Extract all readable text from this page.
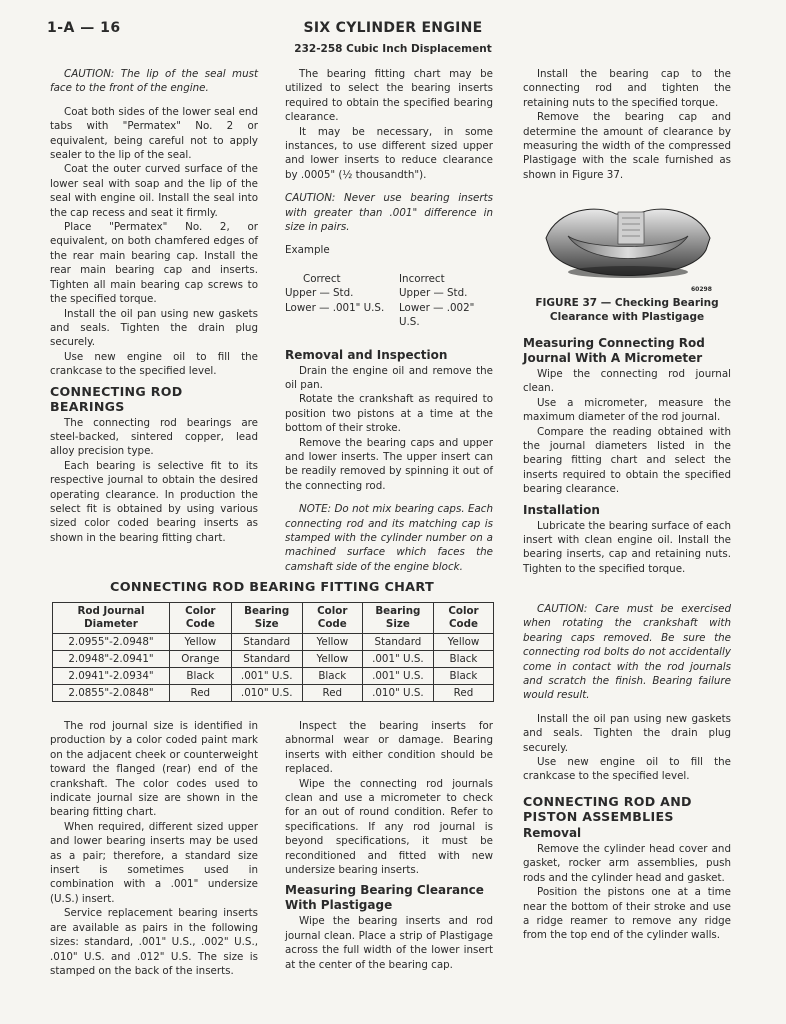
1-A — 16	SIX CYLINDER ENGINE
232-258 Cubic Inch Displacement

CAUTION: The lip of the seal must face to the front of the engine.

Coat both sides of the lower seal end tabs with "Permatex" No. 2 or equivalent, being careful not to apply sealer to the lip of the seal.

Coat the outer curved surface of the lower seal with soap and the lip of the seal with engine oil. Install the seal into the cap recess and seat it firmly.

Place "Permatex" No. 2, or equivalent, on both chamfered edges of the rear main bearing cap. Install the rear main bearing cap and inserts. Tighten all main bearing cap screws to the specified torque.

Install the oil pan using new gaskets and seals. Tighten the drain plug securely.

Use new engine oil to fill the crankcase to the specified level.

CONNECTING ROD BEARINGS

The connecting rod bearings are steel-backed, sintered copper, lead alloy precision type.

Each bearing is selective fit to its respective journal to obtain the desired operating clearance. In production the select fit is obtained by using various sized color coded bearing inserts as shown in the bearing fitting chart.

The bearing fitting chart may be utilized to select the bearing inserts required to obtain the specified bearing clearance.

It may be necessary, in some instances, to use different sized upper and lower inserts to reduce clearance by .0005" (½ thousandth").

CAUTION: Never use bearing inserts with greater than .001" difference in size in pairs.

Example

Correct	Incorrect
Upper — Std.	Upper — Std.
Lower — .001" U.S.	Lower — .002" U.S.
Removal and Inspection

Drain the engine oil and remove the oil pan.

Rotate the crankshaft as required to position two pistons at a time at the bottom of their stroke.

Remove the bearing caps and upper and lower inserts. The upper insert can be readily removed by spinning it out of the connecting rod.

NOTE: Do not mix bearing caps. Each connecting rod and its matching cap is stamped with the cylinder number on a machined surface which faces the camshaft side of the engine block.

Install the bearing cap to the connecting rod and tighten the retaining nuts to the specified torque.

Remove the bearing cap and determine the amount of clearance by measuring the width of the compressed Plastigage with the scale furnished as shown in Figure 37.

60298
FIGURE 37 — Checking Bearing Clearance with Plastigage
Measuring Connecting Rod Journal With A Micrometer

Wipe the connecting rod journal clean.

Use a micrometer, measure the maximum diameter of the rod journal.

Compare the reading obtained with the journal diameters listed in the bearing fitting chart and select the inserts required to obtain the specified bearing clearance.

Installation

Lubricate the bearing surface of each insert with clean engine oil. Install the bearing inserts, cap and retaining nuts. Tighten to the specified torque.

CONNECTING ROD BEARING FITTING CHART
Rod Journal Diameter	Color Code	Bearing Size	Color Code	Bearing Size	Color Code
2.0955"-2.0948"	Yellow	Standard	Yellow	Standard	Yellow
2.0948"-2.0941"	Orange	Standard	Yellow	.001" U.S.	Black
2.0941"-2.0934"	Black	.001" U.S.	Black	.001" U.S.	Black
2.0855"-2.0848"	Red	.010" U.S.	Red	.010" U.S.	Red

CAUTION: Care must be exercised when rotating the crankshaft with bearing caps removed. Be sure the connecting rod bolts do not accidentally come in contact with the rod journals and scratch the finish. Bearing failure would result.

Install the oil pan using new gaskets and seals. Tighten the drain plug securely.

Use new engine oil to fill the crankcase to the specified level.

CONNECTING ROD AND PISTON ASSEMBLIES
Removal

Remove the cylinder head cover and gasket, rocker arm assemblies, push rods and the cylinder head and gasket.

Position the pistons one at a time near the bottom of their stroke and use a ridge reamer to remove any ridge from the top end of the cylinder walls.

The rod journal size is identified in production by a color coded paint mark on the adjacent cheek or counterweight toward the flanged (rear) end of the crankshaft. The color codes used to indicate journal size are shown in the bearing fitting chart.

When required, different sized upper and lower bearing inserts may be used as a pair; therefore, a standard size insert is sometimes used in combination with a .001" undersize (U.S.) insert.

Service replacement bearing inserts are available as pairs in the following sizes: standard, .001" U.S., .002" U.S., .010" U.S. and .012" U.S. The size is stamped on the back of the inserts.

Inspect the bearing inserts for abnormal wear or damage. Bearing inserts with either condition should be replaced.

Wipe the connecting rod journals clean and use a micrometer to check for an out of round condition. Refer to specifications. If any rod journal is beyond specifications, it must be reconditioned and fitted with new undersize bearing inserts.

Measuring Bearing Clearance With Plastigage

Wipe the bearing inserts and rod journal clean. Place a strip of Plastigage across the full width of the lower insert at the center of the bearing cap.
